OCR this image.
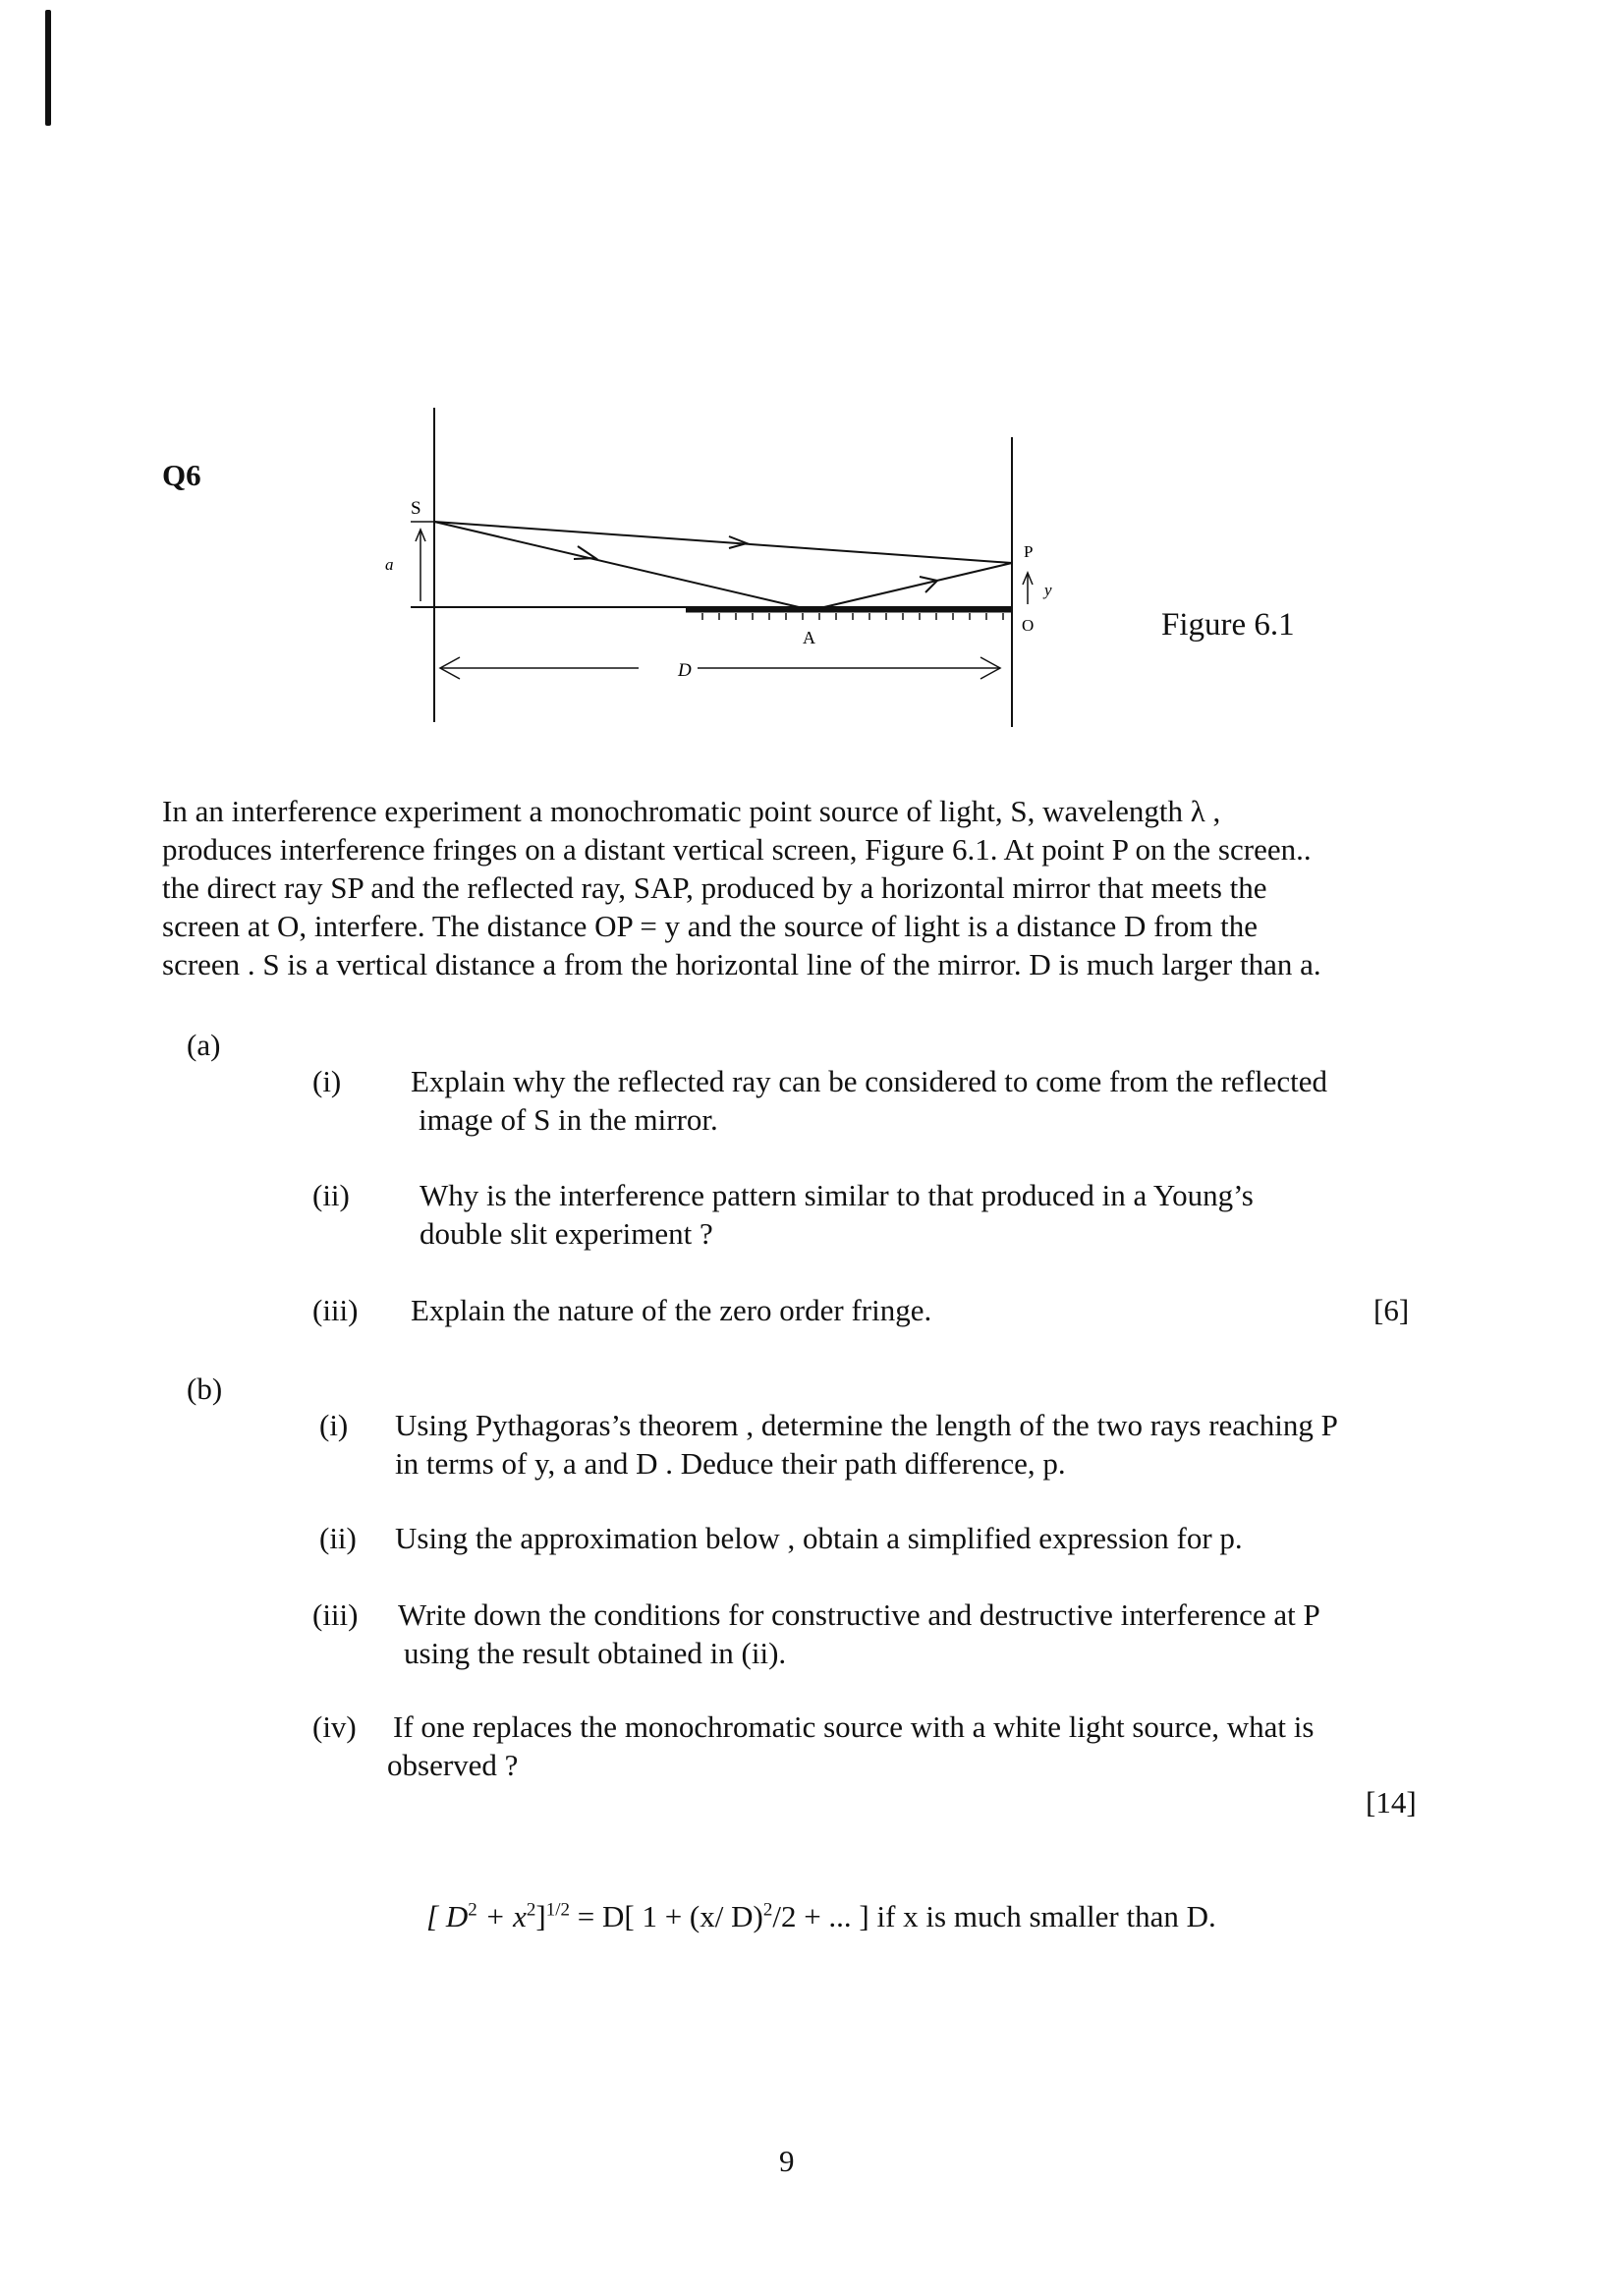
Q6
S
a
P
y
O
A
D
Figure 6.1
In an interference experiment a monochromatic point source of light, S, wavelength λ ,
produces interference fringes on a distant vertical screen, Figure 6.1. At point P on the screen..
the direct ray SP and the reflected ray, SAP, produced by a horizontal mirror that meets the
screen at O, interfere. The distance OP = y and the source of light is a distance D from the
screen . S is a vertical distance a from the horizontal line of the mirror. D is much larger than a.
(a)
(i) Explain why the reflected ray can be considered to come from the reflected
image of S in the mirror.
(ii) Why is the interference pattern similar to that produced in a Young’s
double slit experiment ?
(iii) Explain the nature of the zero order fringe.	[6]
(b)
(i) Using Pythagoras’s theorem , determine the length of the two rays reaching P
in terms of y, a and D . Deduce their path difference, p.
(ii) Using the approximation below , obtain a simplified expression for p.
(iii) Write down the conditions for constructive and destructive interference at P
using the result obtained in (ii).
(iv) If one replaces the monochromatic source with a white light source, what is
observed ?
[14]
[ $D^2 + x^2]^{1/2} = D$[ 1 + (x/ D)$^2$/2 + ... ] if x is much smaller than D.
9
